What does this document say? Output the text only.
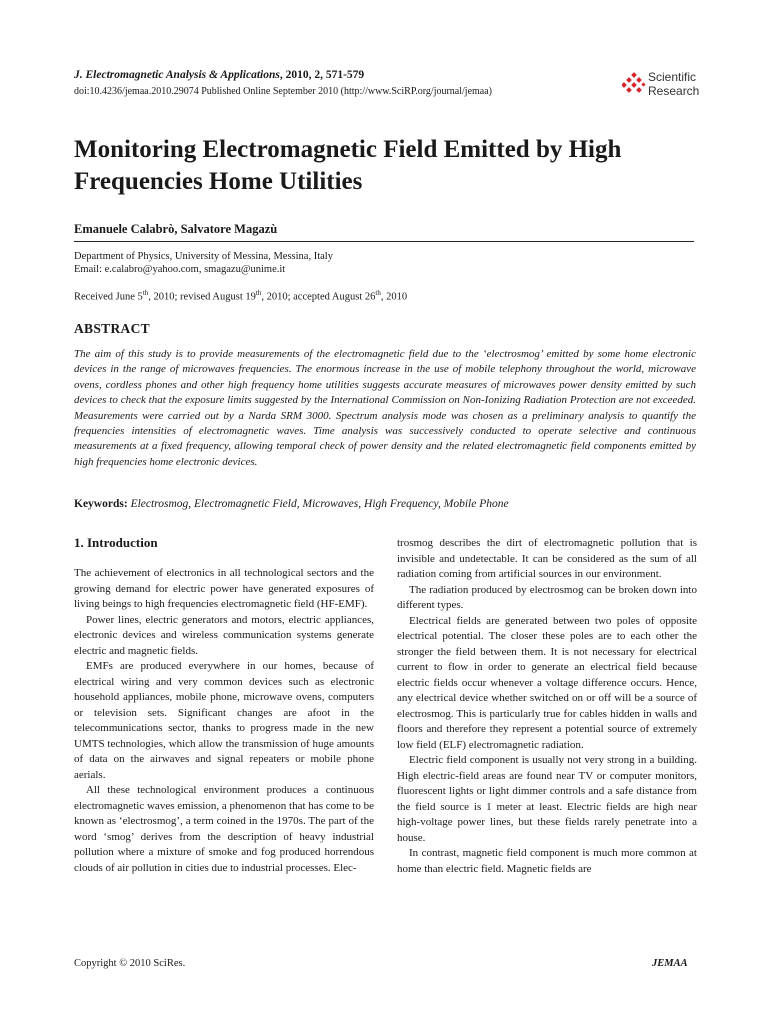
J. Electromagnetic Analysis & Applications, 2010, 2, 571-579
doi:10.4236/jemaa.2010.29074 Published Online September 2010 (http://www.SciRP.org/journal/jemaa)
Scientific
Research
Monitoring Electromagnetic Field Emitted by High Frequencies Home Utilities
Emanuele Calabrò, Salvatore Magazù
Department of Physics, University of Messina, Messina, Italy
Email: e.calabro@yahoo.com, smagazu@unime.it
Received June 5th, 2010; revised August 19th, 2010; accepted August 26th, 2010
ABSTRACT

The aim of this study is to provide measurements of the electromagnetic field due to the ‘electrosmog’ emitted by some home electronic devices in the range of microwaves frequencies. The enormous increase in the use of mobile telephony throughout the world, microwave ovens, cordless phones and other high frequency home utilities suggests accurate measures of microwaves power density emitted by such devices to check that the exposure limits suggested by the International Commission on Non-Ionizing Radiation Protection are not exceeded. Measurements were carried out by a Narda SRM 3000. Spectrum analysis mode was chosen as a preliminary analysis to quantify the frequencies intensities of electromagnetic waves. Time analysis was successively conducted to operate selective and continuous measurements at a fixed frequency, allowing temporal check of power density and the related electromagnetic field components emitted by high frequencies home electronic devices.

Keywords: Electrosmog, Electromagnetic Field, Microwaves, High Frequency, Mobile Phone
1. Introduction

The achievement of electronics in all technological sectors and the growing demand for electric power have generated exposures of living beings to high frequencies electromagnetic field (HF-EMF).

Power lines, electric generators and motors, electric appliances, electronic devices and wireless communication systems generate electric and magnetic fields.

EMFs are produced everywhere in our homes, because of electrical wiring and very common devices such as electronic household appliances, mobile phone, microwave ovens, computers or television sets. Significant changes are afoot in the telecommunications sector, thanks to progress made in the new UMTS technologies, which allow the transmission of huge amounts of data on the airwaves and signal repeaters or mobile phone aerials.

All these technological environment produces a continuous electromagnetic waves emission, a phenomenon that has come to be known as ‘electrosmog’, a term coined in the 1970s. The part of the word ‘smog’ derives from the description of heavy industrial pollution where a mixture of smoke and fog produced horrendous clouds of air pollution in cities due to industrial processes. Elec-

trosmog describes the dirt of electromagnetic pollution that is invisible and undetectable. It can be considered as the sum of all radiation coming from artificial sources in our environment.

The radiation produced by electrosmog can be broken down into different types.

Electrical fields are generated between two poles of opposite electrical potential. The closer these poles are to each other the stronger the field between them. It is not necessary for electrical current to flow in order to generate an electrical field because electric fields occur whenever a voltage difference occurs. Hence, any electrical device whether switched on or off will be a source of electrosmog. This is particularly true for cables hidden in walls and floors and therefore they represent a potential source of extremely low field (ELF) electromagnetic radiation.

Electric field component is usually not very strong in a building. High electric-field areas are found near TV or computer monitors, fluorescent lights or light dimmer controls and a safe distance from the field source is 1 meter at least. Electric fields are high near high-voltage power lines, but these fields rarely penetrate into a house.

In contrast, magnetic field component is much more common at home than electric field. Magnetic fields are

Copyright © 2010 SciRes.	JEMAA
